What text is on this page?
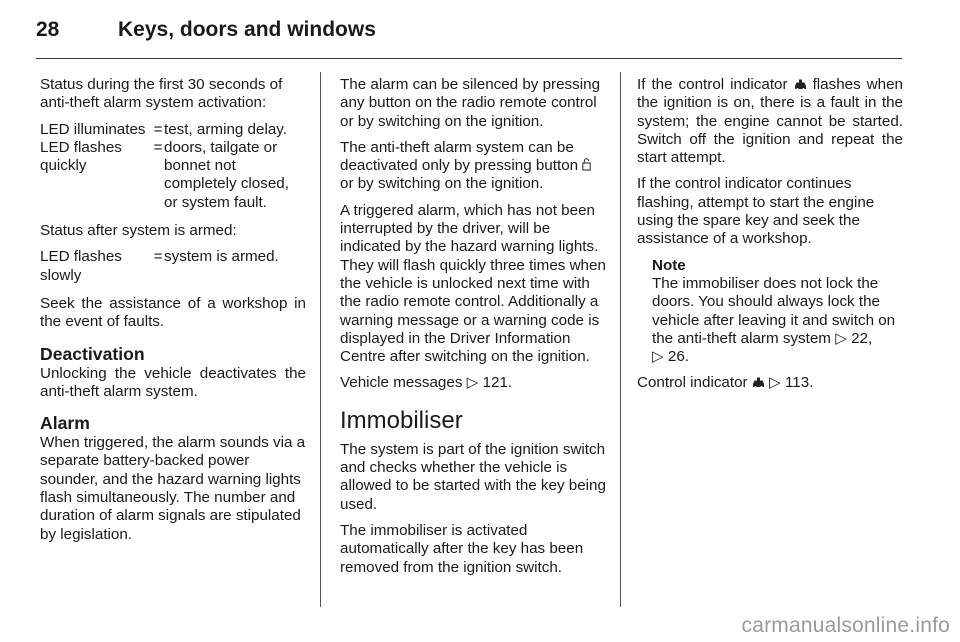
28	Keys, doors and windows

Status during the first 30 seconds of anti-theft alarm system activation:

LED illuminates = test, arming delay.
LED flashes quickly
= doors, tailgate or bonnet not completely closed, or system fault.

Status after system is armed:

LED flashes slowly
= system is armed.

Seek the assistance of a workshop in the event of faults.

Deactivation

Unlocking the vehicle deactivates the anti-theft alarm system.

Alarm

When triggered, the alarm sounds via a separate battery-backed power sounder, and the hazard warning lights flash simultaneously. The number and duration of alarm signals are stipulated by legislation.

The alarm can be silenced by pressing any button on the radio remote control or by switching on the ignition.

The anti-theft alarm system can be deactivated only by pressing button  or by switching on the ignition.

A triggered alarm, which has not been interrupted by the driver, will be indicated by the hazard warning lights. They will flash quickly three times when the vehicle is unlocked next time with the radio remote control. Additionally a warning message or a warning code is displayed in the Driver Information Centre after switching on the ignition.

Vehicle messages ▷ 121.

Immobiliser

The system is part of the ignition switch and checks whether the vehicle is allowed to be started with the key being used.

The immobiliser is activated automatically after the key has been removed from the ignition switch.

If the control indicator  flashes when the ignition is on, there is a fault in the system; the engine cannot be started. Switch off the ignition and repeat the start attempt.

If the control indicator continues flashing, attempt to start the engine using the spare key and seek the assistance of a workshop.

Note
The immobiliser does not lock the doors. You should always lock the vehicle after leaving it and switch on the anti-theft alarm system ▷ 22,
▷ 26.

Control indicator ▷ 113.

carmanualsonline.info
